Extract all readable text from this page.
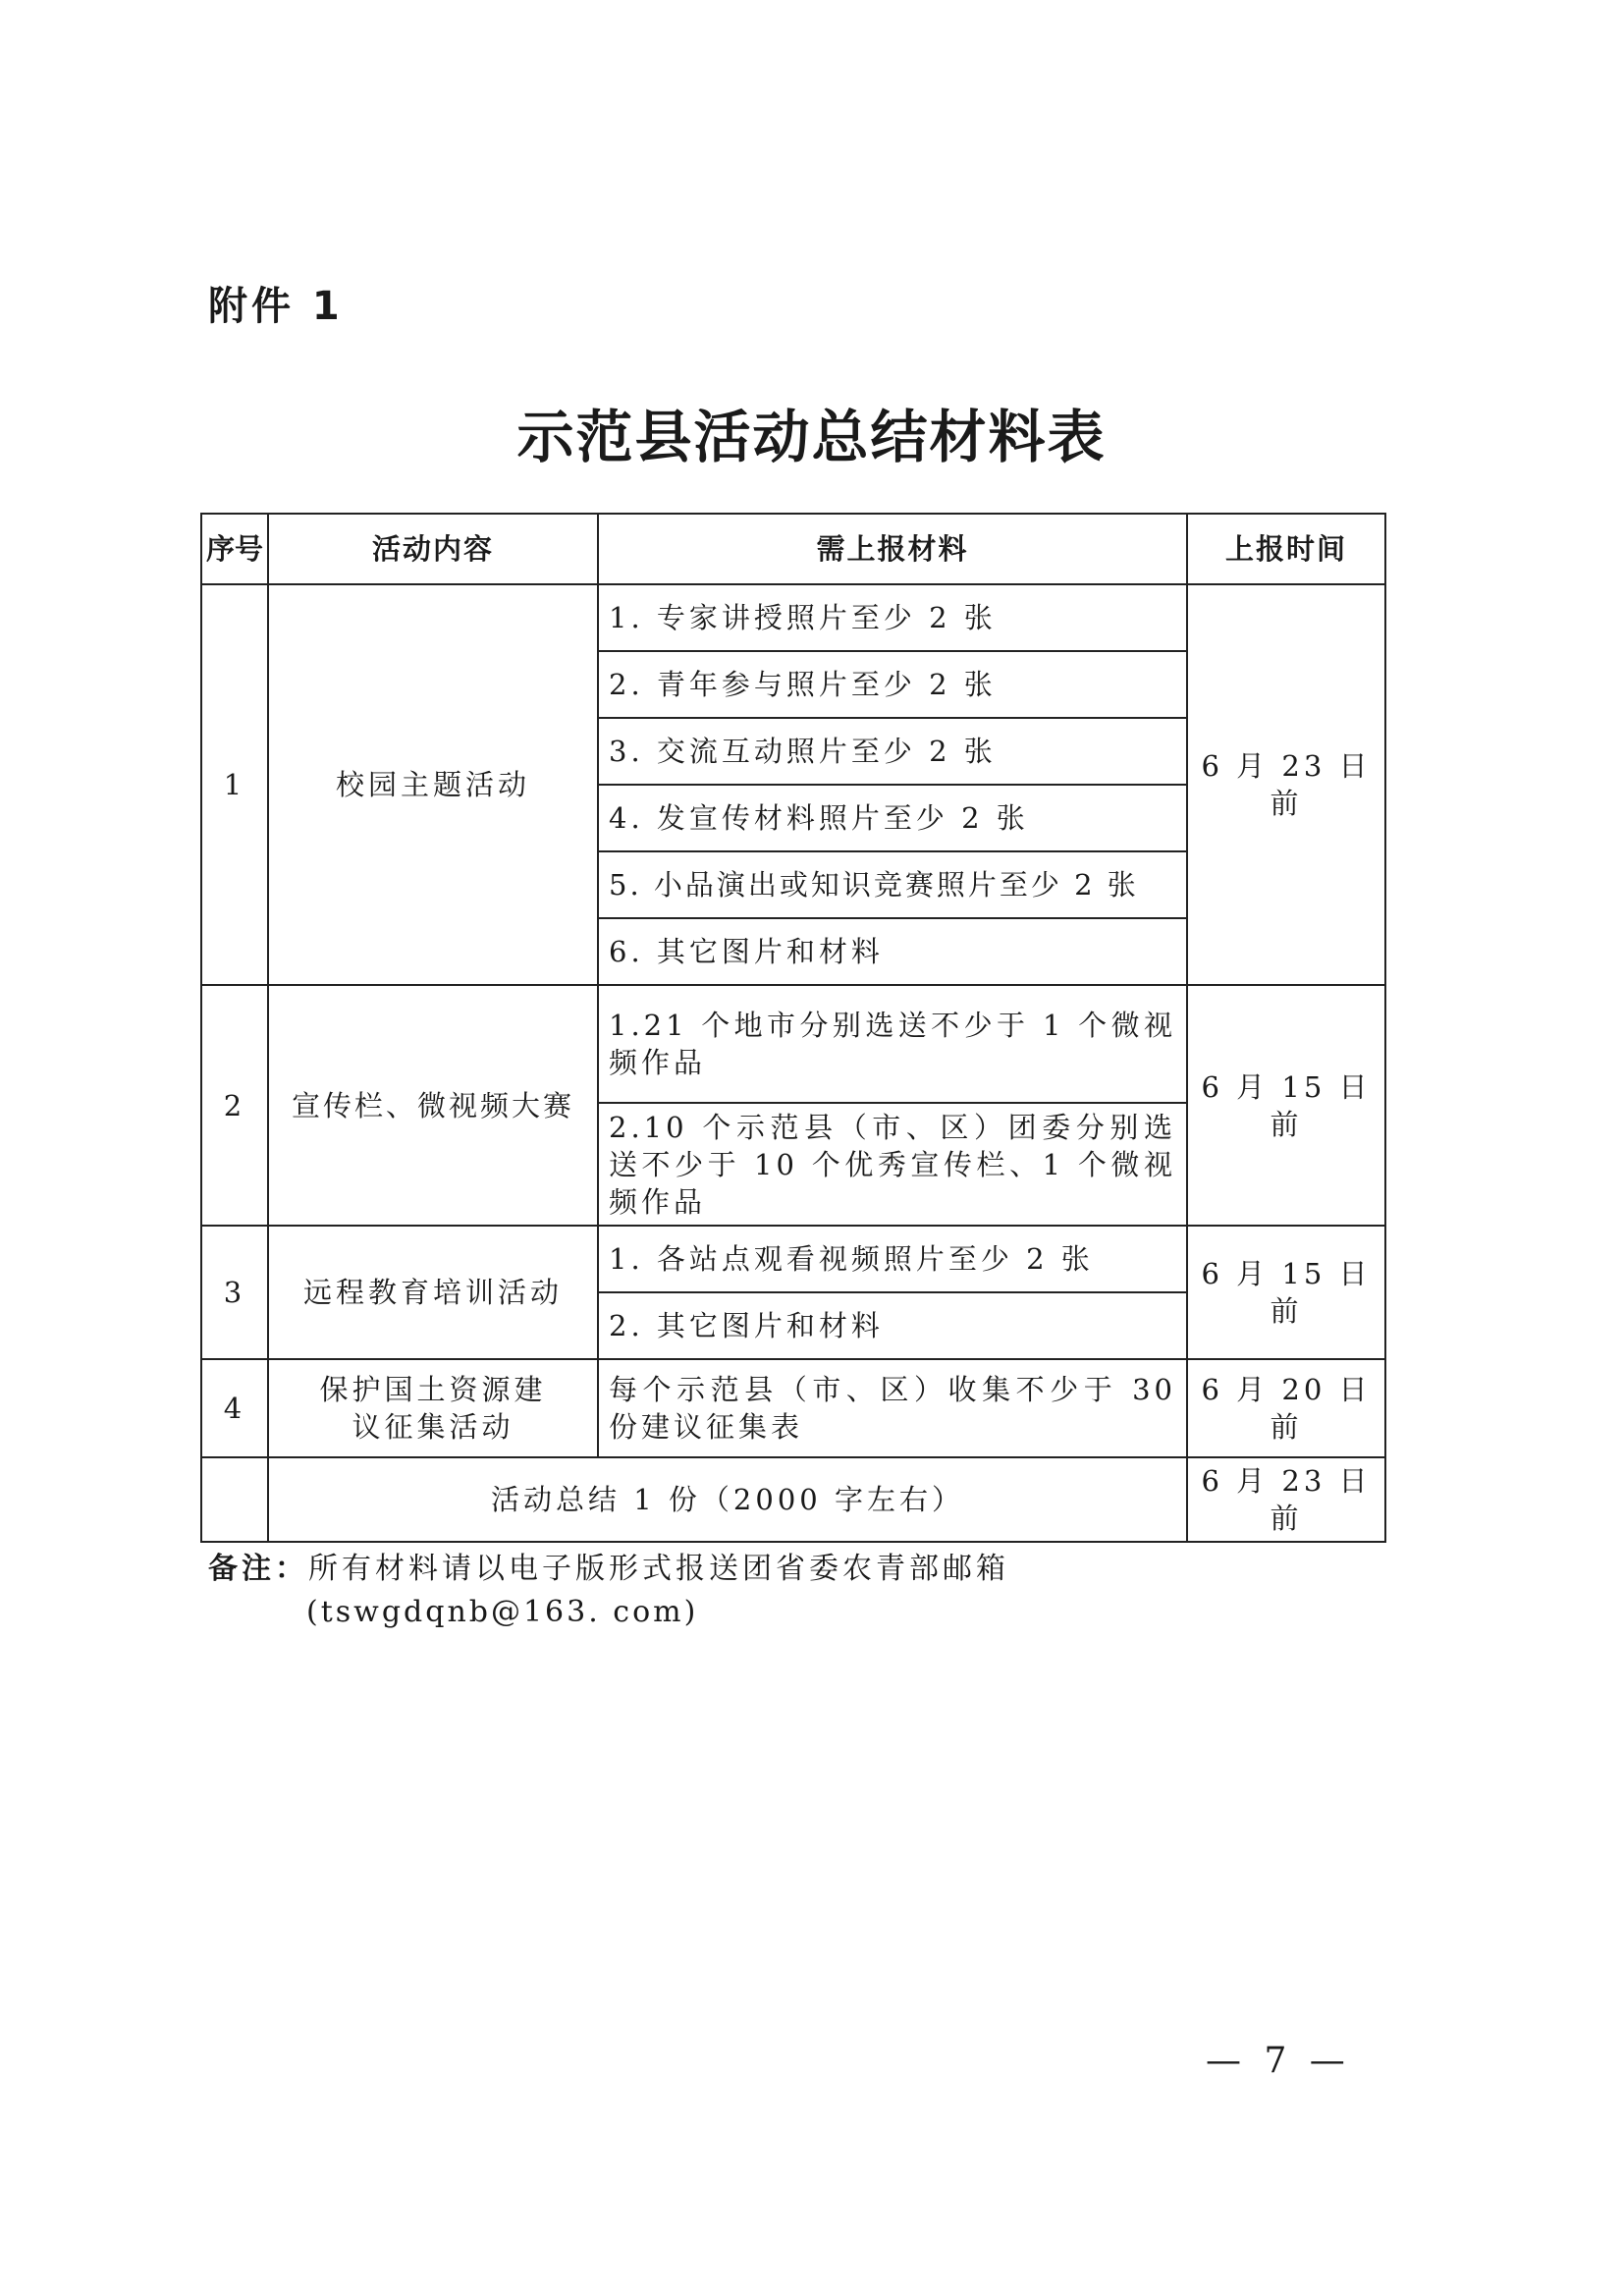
附件 1
示范县活动总结材料表
序号	活动内容	需上报材料	上报时间
1	校园主题活动	1. 专家讲授照片至少 2 张	6 月 23 日前
		2. 青年参与照片至少 2 张	
		3. 交流互动照片至少 2 张	
		4. 发宣传材料照片至少 2 张	
		5. 小品演出或知识竞赛照片至少 2 张	
		6. 其它图片和材料	
2	宣传栏、微视频大赛	1.21 个地市分别选送不少于 1 个微视频作品	6 月 15 日前
		2.10 个示范县（市、区）团委分别选送不少于 10 个优秀宣传栏、1 个微视频作品	
3	远程教育培训活动	1. 各站点观看视频照片至少 2 张	6 月 15 日前
		2. 其它图片和材料	
4	保护国土资源建议征集活动	每个示范县（市、区）收集不少于 30 份建议征集表	6 月 20 日前
	活动总结 1 份（2000 字左右）		6 月 23 日前
备注：所有材料请以电子版形式报送团省委农青部邮箱
(tswgdqnb@163. com)
— 7 —
